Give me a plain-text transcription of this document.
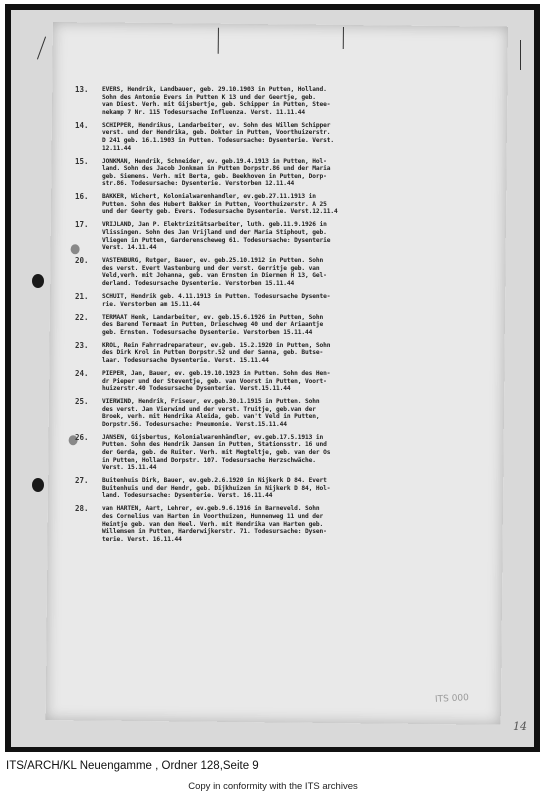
13.	EVERS, Hendrik, Landbauer, geb. 29.10.1903 in Putten, Holland.
Sohn des Antonie Evers in Putten K 13 und der Geertje, geb.
van Diest. Verh. mit Gijsbertje, geb. Schipper in Putten, Stee-
nekamp 7 Nr. 115 Todesursache Influenza. Verst. 11.11.44
14.	SCHIPPER, Hendrikus, Landarbeiter, ev. Sohn des Willem Schipper
verst. und der Hendrika, geb. Dokter in Putten, Voorthuizerstr.
D 241 geb. 16.1.1903 in Putten. Todesursache: Dysenterie. Verst.
12.11.44
15.	JONKMAN, Hendrik, Schneider, ev. geb.19.4.1913 in Putten, Hol-
land. Sohn des Jacob Jonkman in Putten Dorpstr.86 und der Maria
geb. Siemens. Verh. mit Berta, geb. Beekhoven in Putten, Dorp-
str.86. Todesursache: Dysenterie. Verstorben 12.11.44
16.	BAKKER, Wichert, Kolonialwarenhandler, ev.geb.27.11.1913 in
Putten. Sohn des Hubert Bakker in Putten, Voorthuizerstr. A 25
und der Geerty geb. Evers. Todesursache Dysenterie. Verst.12.11.4
17.	VRIJLAND, Jan P. Elektrizitätsarbeiter, luth. geb.11.9.1926 in
Vlissingen. Sohn des Jan Vrijland und der Maria Stiphout, geb.
Vliegen in Putten, Garderenscheweg 61. Todesursache: Dysenterie
Verst. 14.11.44
20.	VASTENBURG, Rutger, Bauer, ev. geb.25.10.1912 in Putten. Sohn
des verst. Evert Vastenburg und der verst. Gerritje geb. van
Veld,verh. mit Johanna, geb. van Ernsten in Diermen H 13, Gel-
derland. Todesursache Dysenterie. Verstorben 15.11.44
21.	SCHUIT, Hendrik geb. 4.11.1913 in Putten. Todesursache Dysente-
rie. Verstorben am 15.11.44
22.	TERMAAT Henk, Landarbeiter, ev. geb.15.6.1926 in Putten, Sohn
des Barend Termaat in Putten, Drieschweg 40 und der Ariaantje
geb. Ernsten. Todesursache Dysenterie. Verstorben 15.11.44
23.	KROL, Rein Fahrradreparateur, ev.geb. 15.2.1920 in Putten, Sohn
des Dirk Krol in Putten Dorpstr.52 und der Sanna, geb. Butse-
laar. Todesursache Dysenterie. Verst. 15.11.44
24.	PIEPER, Jan, Bauer, ev. geb.19.10.1923 in Putten. Sohn des Hen-
dr Pieper und der Steventje, geb. van Voorst in Putten, Voort-
huizerstr.40 Todesursache Dysenterie. Verst.15.11.44
25.	VIERWIND, Hendrik, Friseur, ev.geb.30.1.1915 in Putten. Sohn
des verst. Jan Vierwind und der verst. Truitje, geb.van der
Broek, verh. mit Hendrika Aleida, geb. van't Veld in Putten,
Dorpstr.56. Todesursache: Pneumonie. Verst.15.11.44
26.	JANSEN, Gijsbertus, Kolonialwarenhändler, ev.geb.17.5.1913 in
Putten. Sohn des Hendrik Jansen in Putten, Stationsstr. 16 und
der Gerda, geb. de Ruiter. Verh. mit Megteltje, geb. van der Os
in Putten, Holland Dorpstr. 107. Todesursache Herzschwäche.
Verst. 15.11.44
27.	Buitenhuis Dirk, Bauer, ev.geb.2.6.1920 in Nijkerk D 84. Evert
Buitenhuis und der Hendr, geb. Dijkhuizen in Nijkerk D 84, Hol-
land. Todesursache: Dysenterie. Verst. 16.11.44
28.	van HARTEN, Aart, Lehrer, ev.geb.9.6.1916 in Barneveld. Sohn
des Cornelius van Harten in Voorthuizen, Hunnenweg 11 und der
Heintje geb. van den Heel. Verh. mit Hendrika van Harten geb.
Willemsen in Putten, Harderwijkerstr. 71. Todesursache: Dysen-
terie. Verst. 16.11.44
ITS 000
14
ITS/ARCH/KL Neuengamme , Ordner 128,Seite 9
Copy in conformity with the ITS archives
